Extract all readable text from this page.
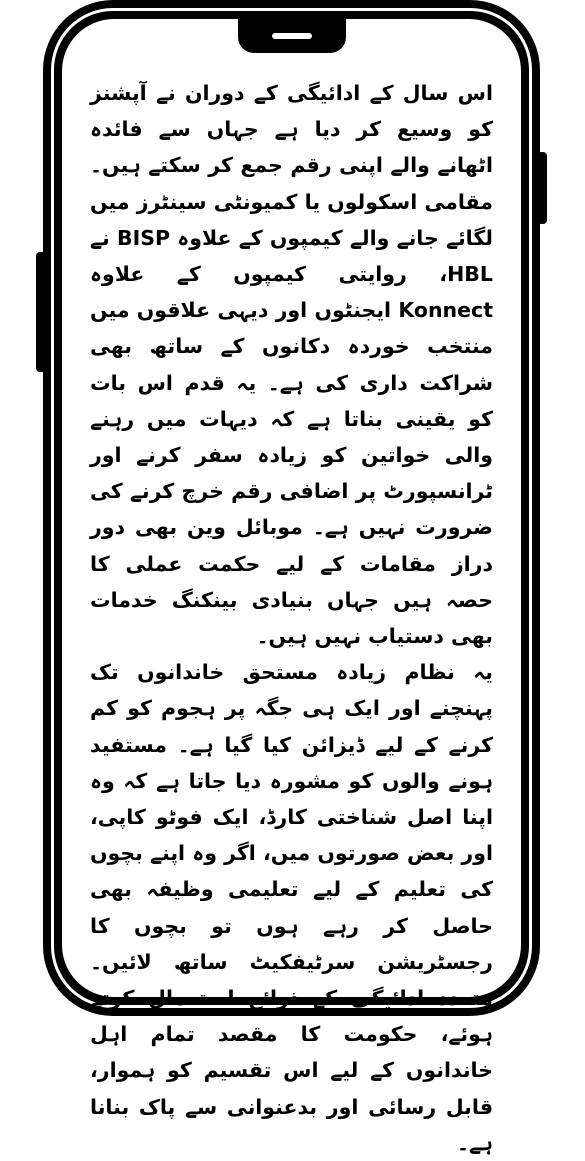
اس سال کے ادائیگی کے دوران نے آپشنز کو وسیع کر دیا ہے جہاں سے فائدہ اٹھانے والے اپنی رقم جمع کر سکتے ہیں۔ مقامی اسکولوں یا کمیونٹی سینٹرز میں لگائے جانے والے کیمپوں کے علاوہ BISP نے HBL، روایتی کیمپوں کے علاوہ Konnect ایجنٹوں اور دیہی علاقوں میں منتخب خوردہ دکانوں کے ساتھ بھی شراکت داری کی ہے۔ یہ قدم اس بات کو یقینی بناتا ہے کہ دیہات میں رہنے والی خواتین کو زیادہ سفر کرنے اور ٹرانسپورٹ پر اضافی رقم خرچ کرنے کی ضرورت نہیں ہے۔ موبائل وین بھی دور دراز مقامات کے لیے حکمت عملی کا حصہ ہیں جہاں بنیادی بینکنگ خدمات بھی دستیاب نہیں ہیں۔

یہ نظام زیادہ مستحق خاندانوں تک پہنچنے اور ایک ہی جگہ پر ہجوم کو کم کرنے کے لیے ڈیزائن کیا گیا ہے۔ مستفید ہونے والوں کو مشورہ دیا جاتا ہے کہ وہ اپنا اصل شناختی کارڈ، ایک فوٹو کاپی، اور بعض صورتوں میں، اگر وہ اپنے بچوں کی تعلیم کے لیے تعلیمی وظیفہ بھی حاصل کر رہے ہوں تو بچوں کا رجسٹریشن سرٹیفکیٹ ساتھ لائیں۔ متعدد ادائیگی کے ذرائع استعمال کرتے ہوئے، حکومت کا مقصد تمام اہل خاندانوں کے لیے اس تقسیم کو ہموار، قابل رسائی اور بدعنوانی سے پاک بنانا ہے۔
